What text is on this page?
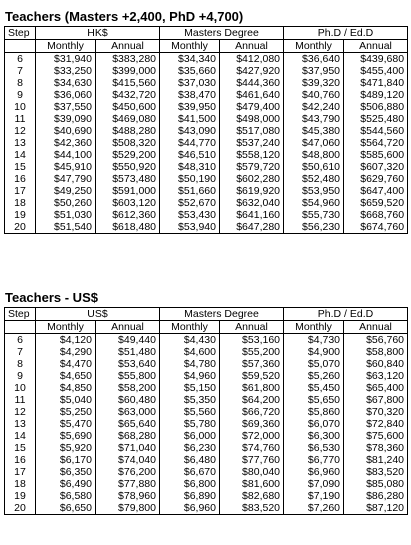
Teachers (Masters +2,400, PhD +4,700)
Step	HK$		Masters Degree		Ph.D / Ed.D	
	Monthly	Annual	Monthly	Annual	Monthly	Annual
6	$31,940	$383,280	$34,340	$412,080	$36,640	$439,680
7	$33,250	$399,000	$35,660	$427,920	$37,950	$455,400
8	$34,630	$415,560	$37,030	$444,360	$39,320	$471,840
9	$36,060	$432,720	$38,470	$461,640	$40,760	$489,120
10	$37,550	$450,600	$39,950	$479,400	$42,240	$506,880
11	$39,090	$469,080	$41,500	$498,000	$43,790	$525,480
12	$40,690	$488,280	$43,090	$517,080	$45,380	$544,560
13	$42,360	$508,320	$44,770	$537,240	$47,060	$564,720
14	$44,100	$529,200	$46,510	$558,120	$48,800	$585,600
15	$45,910	$550,920	$48,310	$579,720	$50,610	$607,320
16	$47,790	$573,480	$50,190	$602,280	$52,480	$629,760
17	$49,250	$591,000	$51,660	$619,920	$53,950	$647,400
18	$50,260	$603,120	$52,670	$632,040	$54,960	$659,520
19	$51,030	$612,360	$53,430	$641,160	$55,730	$668,760
20	$51,540	$618,480	$53,940	$647,280	$56,230	$674,760
Teachers - US$
Step	US$		Masters Degree		Ph.D / Ed.D	
	Monthly	Annual	Monthly	Annual	Monthly	Annual
6	$4,120	$49,440	$4,430	$53,160	$4,730	$56,760
7	$4,290	$51,480	$4,600	$55,200	$4,900	$58,800
8	$4,470	$53,640	$4,780	$57,360	$5,070	$60,840
9	$4,650	$55,800	$4,960	$59,520	$5,260	$63,120
10	$4,850	$58,200	$5,150	$61,800	$5,450	$65,400
11	$5,040	$60,480	$5,350	$64,200	$5,650	$67,800
12	$5,250	$63,000	$5,560	$66,720	$5,860	$70,320
13	$5,470	$65,640	$5,780	$69,360	$6,070	$72,840
14	$5,690	$68,280	$6,000	$72,000	$6,300	$75,600
15	$5,920	$71,040	$6,230	$74,760	$6,530	$78,360
16	$6,170	$74,040	$6,480	$77,760	$6,770	$81,240
17	$6,350	$76,200	$6,670	$80,040	$6,960	$83,520
18	$6,490	$77,880	$6,800	$81,600	$7,090	$85,080
19	$6,580	$78,960	$6,890	$82,680	$7,190	$86,280
20	$6,650	$79,800	$6,960	$83,520	$7,260	$87,120
